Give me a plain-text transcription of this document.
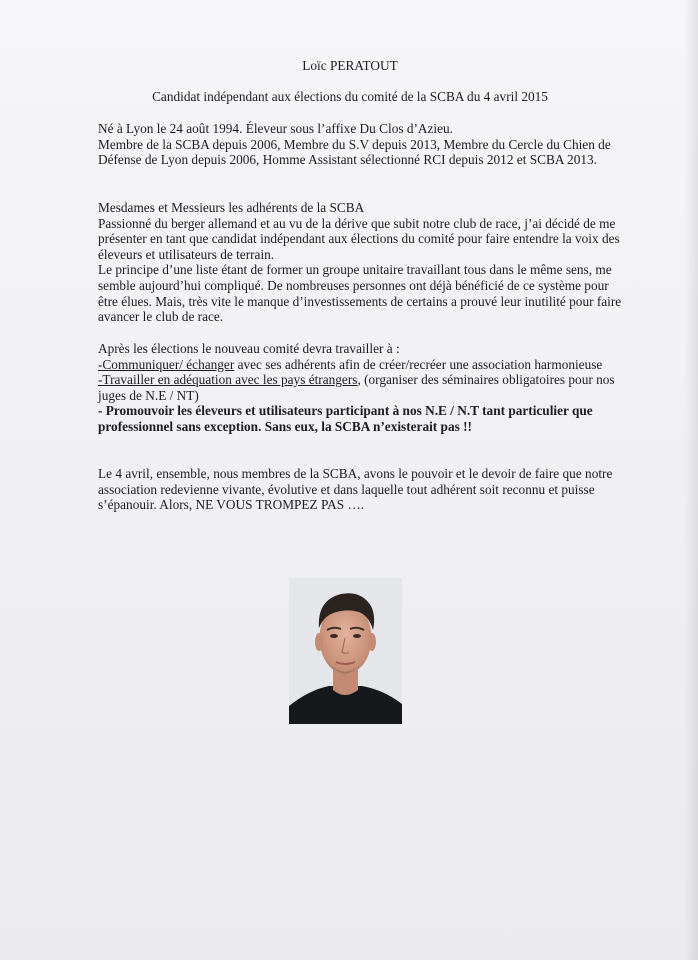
Loïc PERATOUT
Candidat indépendant aux élections du comité de la SCBA du 4 avril 2015

Né à Lyon le 24 août 1994. Éleveur sous l’affixe Du Clos d’Azieu.

Membre de la SCBA depuis 2006, Membre du S.V depuis 2013, Membre du Cercle du Chien de Défense de Lyon depuis 2006, Homme Assistant sélectionné RCI depuis 2012 et SCBA 2013.

Mesdames et Messieurs les adhérents de la SCBA

Passionné du berger allemand et au vu de la dérive que subit notre club de race, j’ai décidé de me présenter en tant que candidat indépendant aux élections du comité pour faire entendre la voix des éleveurs et utilisateurs de terrain.

Le principe d’une liste étant de former un groupe unitaire travaillant tous dans le même sens, me semble aujourd’hui compliqué. De nombreuses personnes ont déjà bénéficié de ce système pour être élues. Mais, très vite le manque d’investissements de certains a prouvé leur inutilité pour faire avancer le club de race.

Après les élections le nouveau comité devra travailler à :

-Communiquer/ échanger avec ses adhérents afin de créer/recréer une association harmonieuse

-Travailler en adéquation avec les pays étrangers, (organiser des séminaires obligatoires pour nos juges de N.E / NT)

- Promouvoir les éleveurs et utilisateurs participant à nos N.E / N.T tant particulier que professionnel sans exception. Sans eux, la SCBA n’existerait pas !!

Le 4 avril, ensemble, nous membres de la SCBA, avons le pouvoir et le devoir de faire que notre association redevienne vivante, évolutive et dans laquelle tout adhérent soit reconnu et puisse s’épanouir. Alors, NE VOUS TROMPEZ PAS ….
